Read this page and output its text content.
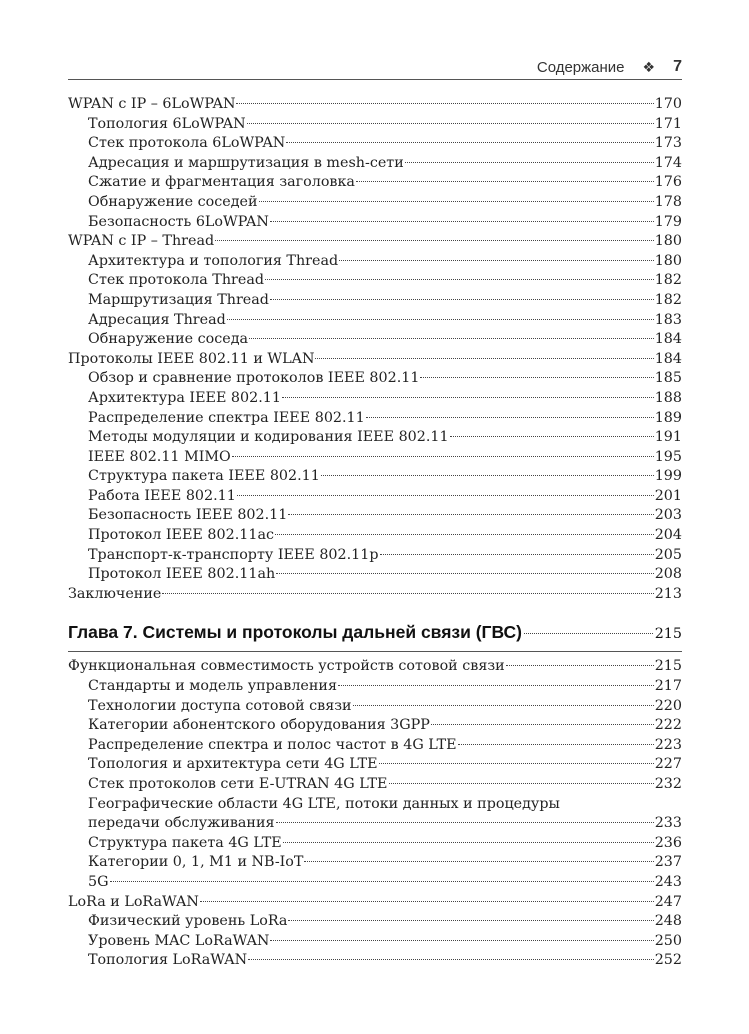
Содержание ❖ 7
WPAN с IP – 6LoWPAN	170
Топология 6LoWPAN	171
Стек протокола 6LoWPAN	173
Адресация и маршрутизация в mesh-сети	174
Сжатие и фрагментация заголовка	176
Обнаружение соседей	178
Безопасность 6LoWPAN	179
WPAN с IP – Thread	180
Архитектура и топология Thread	180
Стек протокола Thread	182
Маршрутизация Thread	182
Адресация Thread	183
Обнаружение соседа	184
Протоколы IEEE 802.11 и WLAN	184
Обзор и сравнение протоколов IEEE 802.11	185
Архитектура IEEE 802.11	188
Распределение спектра IEEE 802.11	189
Методы модуляции и кодирования IEEE 802.11	191
IEEE 802.11 MIMO	195
Структура пакета IEEE 802.11	199
Работа IEEE 802.11	201
Безопасность IEEE 802.11	203
Протокол IEEE 802.11ac	204
Транспорт-к-транспорту IEEE 802.11p	205
Протокол IEEE 802.11ah	208
Заключение	213
Глава 7. Системы и протоколы дальней связи (ГВС)	215
Функциональная совместимость устройств сотовой связи	215
Стандарты и модель управления	217
Технологии доступа сотовой связи	220
Категории абонентского оборудования 3GPP	222
Распределение спектра и полос частот в 4G LTE	223
Топология и архитектура сети 4G LTE	227
Стек протоколов сети E-UTRAN 4G LTE	232
Географические области 4G LTE, потоки данных и процедуры
передачи обслуживания	233
Структура пакета 4G LTE	236
Категории 0, 1, M1 и NB-IoT	237
5G	243
LoRa и LoRaWAN	247
Физический уровень LoRa	248
Уровень MAC LoRaWAN	250
Топология LoRaWAN	252
